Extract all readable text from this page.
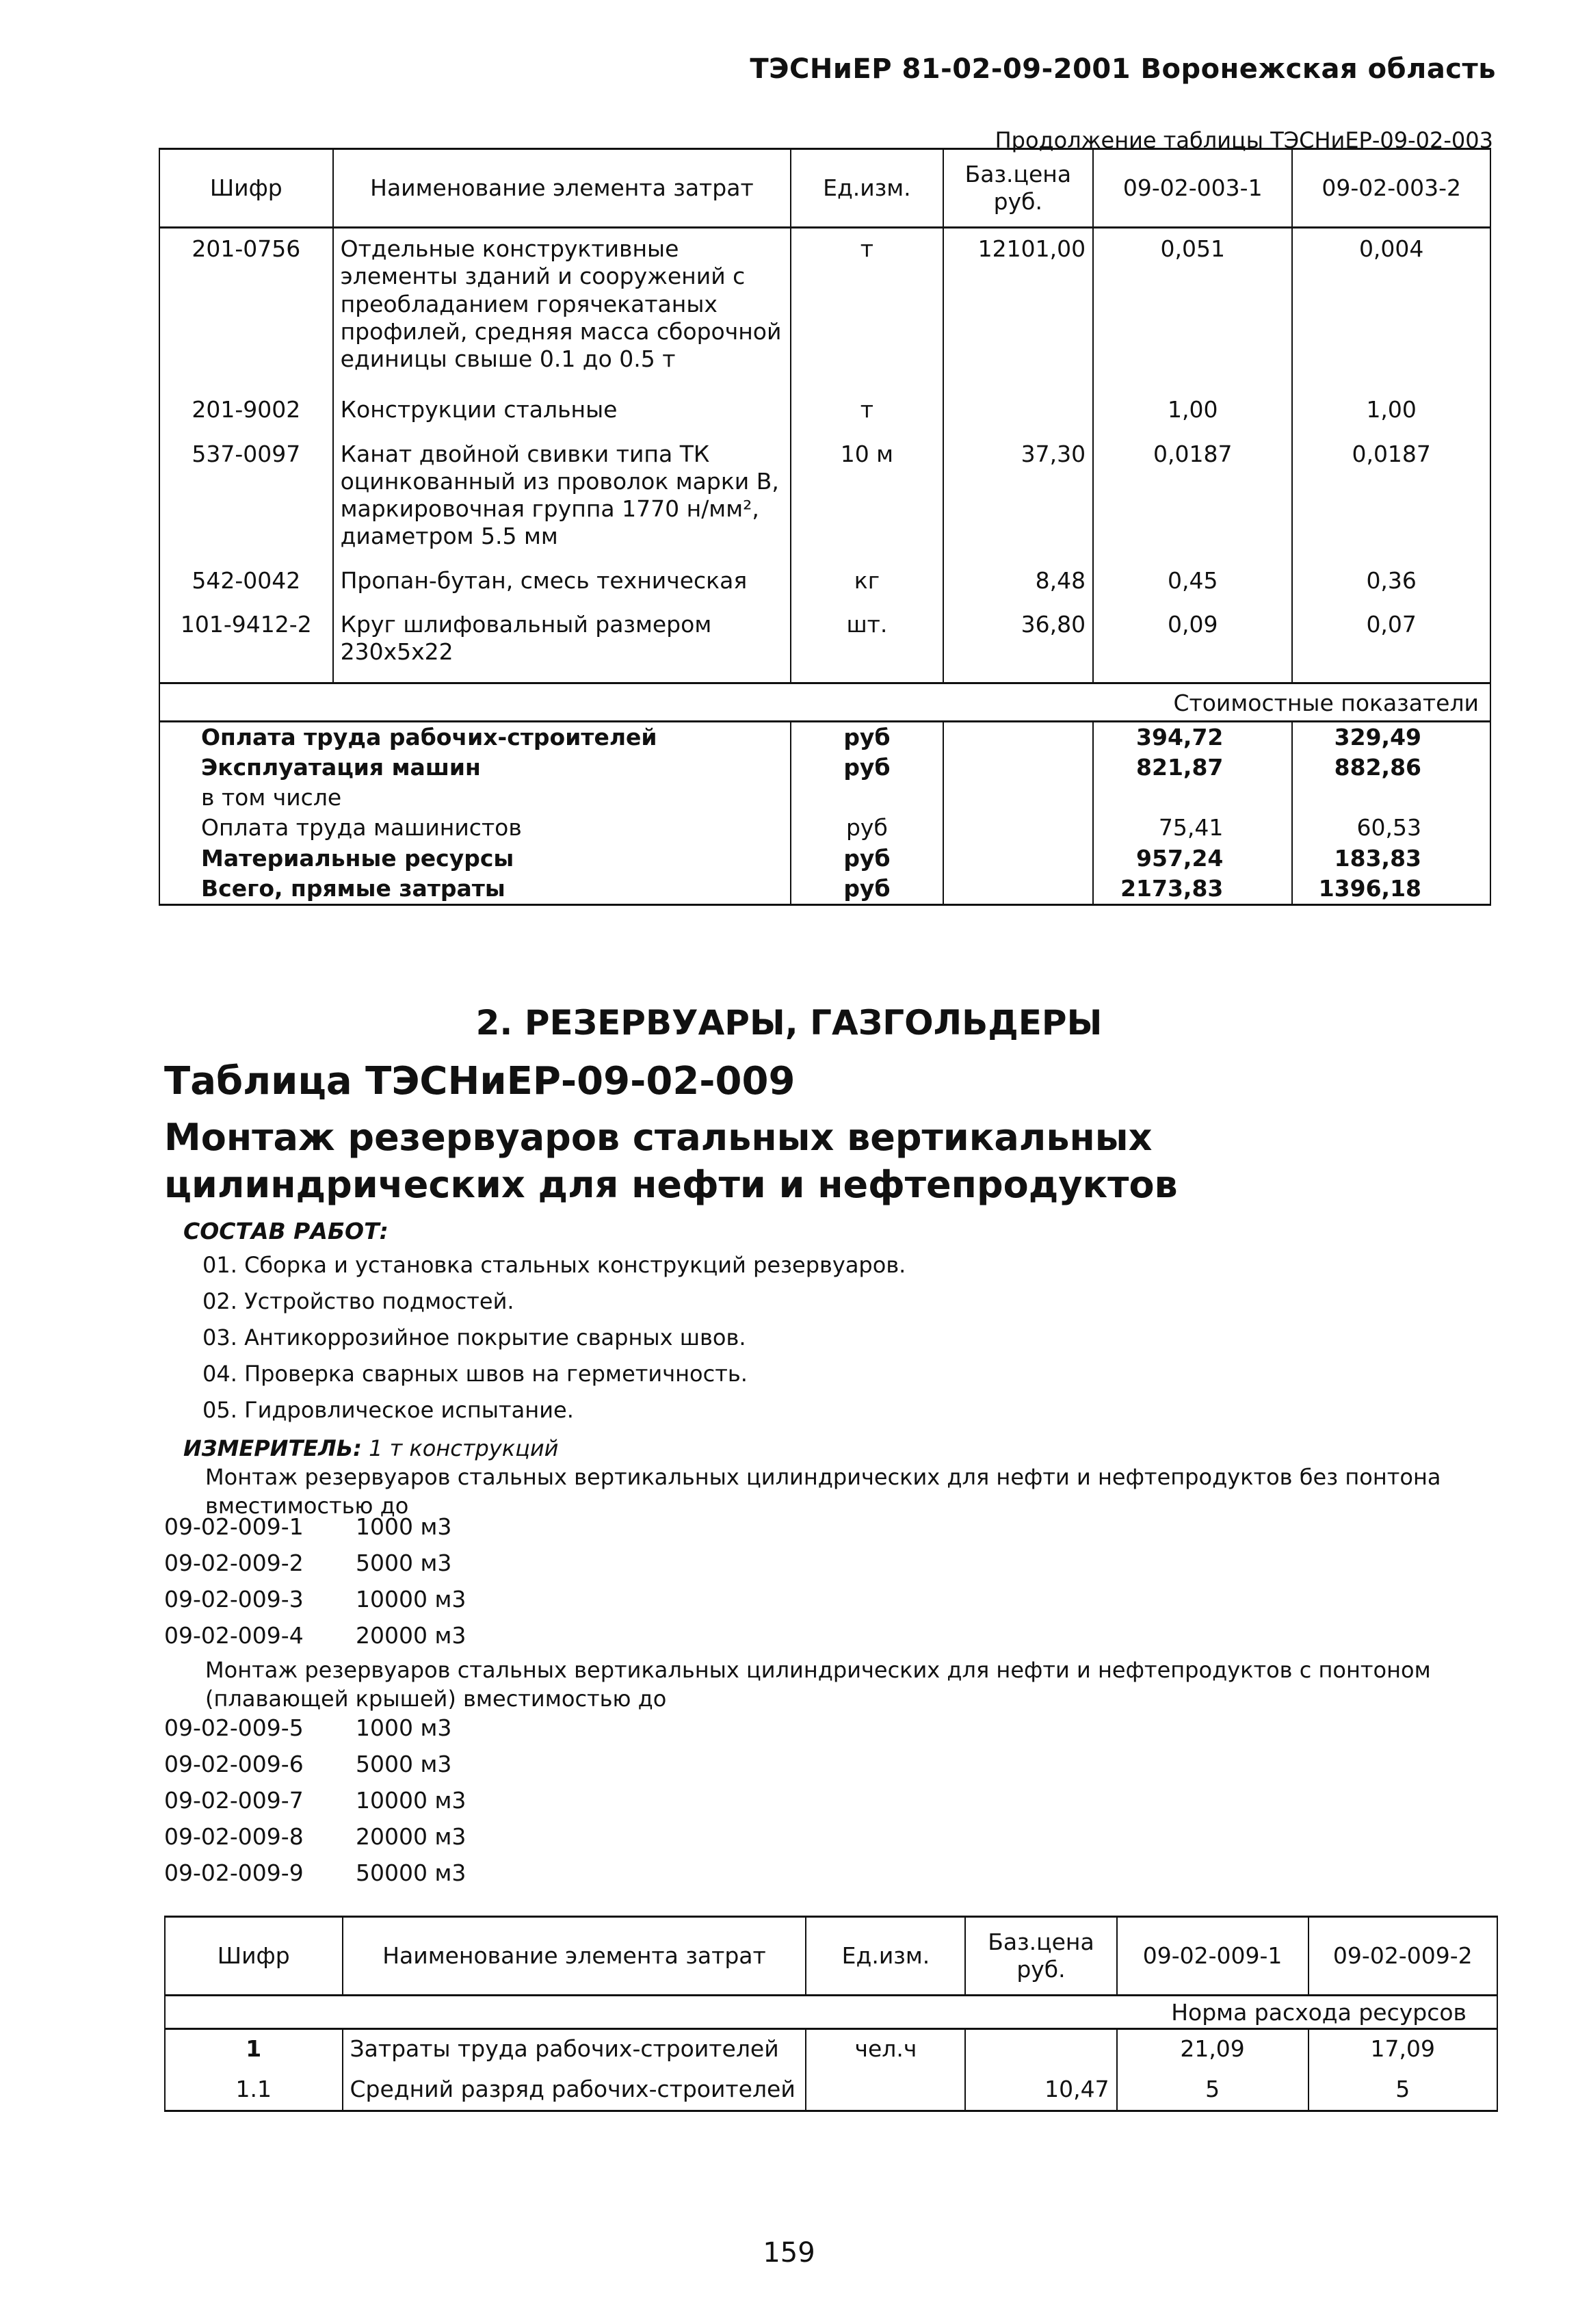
ТЭСНиЕР 81-02-09-2001 Воронежская область
Продолжение таблицы ТЭСНиЕР-09-02-003
Шифр	Наименование элемента затрат	Ед.изм.	Баз.цена руб.	09-02-003-1	09-02-003-2
201-0756	Отдельные конструктивные элементы зданий и сооружений с преобладанием горячекатаных профилей, средняя масса сборочной единицы свыше 0.1 до 0.5 т	т	12101,00	0,051	0,004
201-9002	Конструкции стальные	т		1,00	1,00
537-0097	Канат двойной свивки типа ТК оцинкованный из проволок марки В, маркировочная группа 1770 н/мм², диаметром 5.5 мм	10 м	37,30	0,0187	0,0187
542-0042	Пропан-бутан, смесь техническая	кг	8,48	0,45	0,36
101-9412-2	Круг шлифовальный размером 230х5х22	шт.	36,80	0,09	0,07
Стоимостные показатели					
Оплата труда рабочих-строителей		руб		394,72	329,49
Эксплуатация машин		руб		821,87	882,86
в том числе					
Оплата труда машинистов		руб		75,41	60,53
Материальные ресурсы		руб		957,24	183,83
Всего, прямые затраты		руб		2173,83	1396,18
2. РЕЗЕРВУАРЫ, ГАЗГОЛЬДЕРЫ
Таблица ТЭСНиЕР-09-02-009
Монтаж резервуаров стальных вертикальных цилиндрических для нефти и нефтепродуктов
СОСТАВ РАБОТ:
01. Сборка и установка стальных конструкций резервуаров.
02. Устройство подмостей.
03. Антикоррозийное покрытие сварных швов.
04. Проверка сварных швов на герметичность.
05. Гидровлическое испытание.
ИЗМЕРИТЕЛЬ: 1 т конструкций
Монтаж резервуаров стальных вертикальных цилиндрических для нефти и нефтепродуктов без понтона вместимостью до
09-02-009-1	1000 м3
09-02-009-2	5000 м3
09-02-009-3	10000 м3
09-02-009-4	20000 м3
Монтаж резервуаров стальных вертикальных цилиндрических для нефти и нефтепродуктов с понтоном (плавающей крышей) вместимостью до
09-02-009-5	1000 м3
09-02-009-6	5000 м3
09-02-009-7	10000 м3
09-02-009-8	20000 м3
09-02-009-9	50000 м3
Шифр	Наименование элемента затрат	Ед.изм.	Баз.цена руб.	09-02-009-1	09-02-009-2
Норма расхода ресурсов					
1	Затраты труда рабочих-строителей	чел.ч		21,09	17,09
1.1	Средний разряд рабочих-строителей		10,47	5	5
159
